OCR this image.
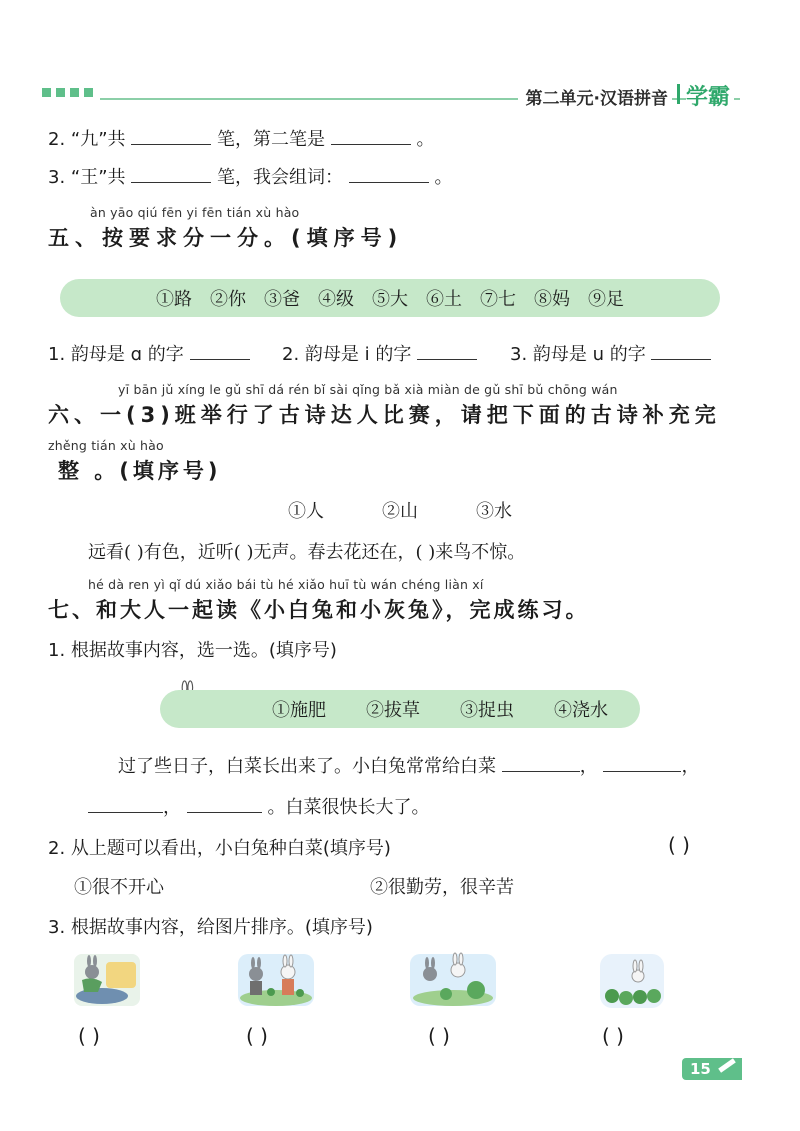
第二单元·汉语拼音 学霸
2. “九”共	笔，第二笔是	。
3. “王”共	笔，我会组词：	。
àn yāo qiú fēn yi fēn tián xù hào
五、按要求分一分。(填序号)
①路 ②你 ③爸 ④级 ⑤大 ⑥土 ⑦七 ⑧妈 ⑨足
1. 韵母是 ɑ 的字	2. 韵母是 i 的字	3. 韵母是 u 的字
yī bān jǔ xíng le gǔ shī dá rén bǐ sài qǐng bǎ xià miàn de gǔ shī bǔ chōng wán
六、一(3)班举行了古诗达人比赛，请把下面的古诗补充完
zhěng tián xù hào
整 。(填序号)
①人	②山	③水
远看( )有色，近听( )无声。春去花还在，( )来鸟不惊。
hé dà ren yì qǐ dú xiǎo bái tù hé xiǎo huī tù wán chéng liàn xí
七、和大人一起读《小白兔和小灰兔》，完成练习。
1. 根据故事内容，选一选。(填序号)
①施肥 ②拔草 ③捉虫 ④浇水
过了些日子，白菜长出来了。小白兔常常给白菜	，	，
，	。白菜很快长大了。
2. 从上题可以看出，小白兔种白菜(填序号)	( )
①很不开心	②很勤劳，很辛苦
3. 根据故事内容，给图片排序。(填序号)
( )	( )	( )	( )
15
